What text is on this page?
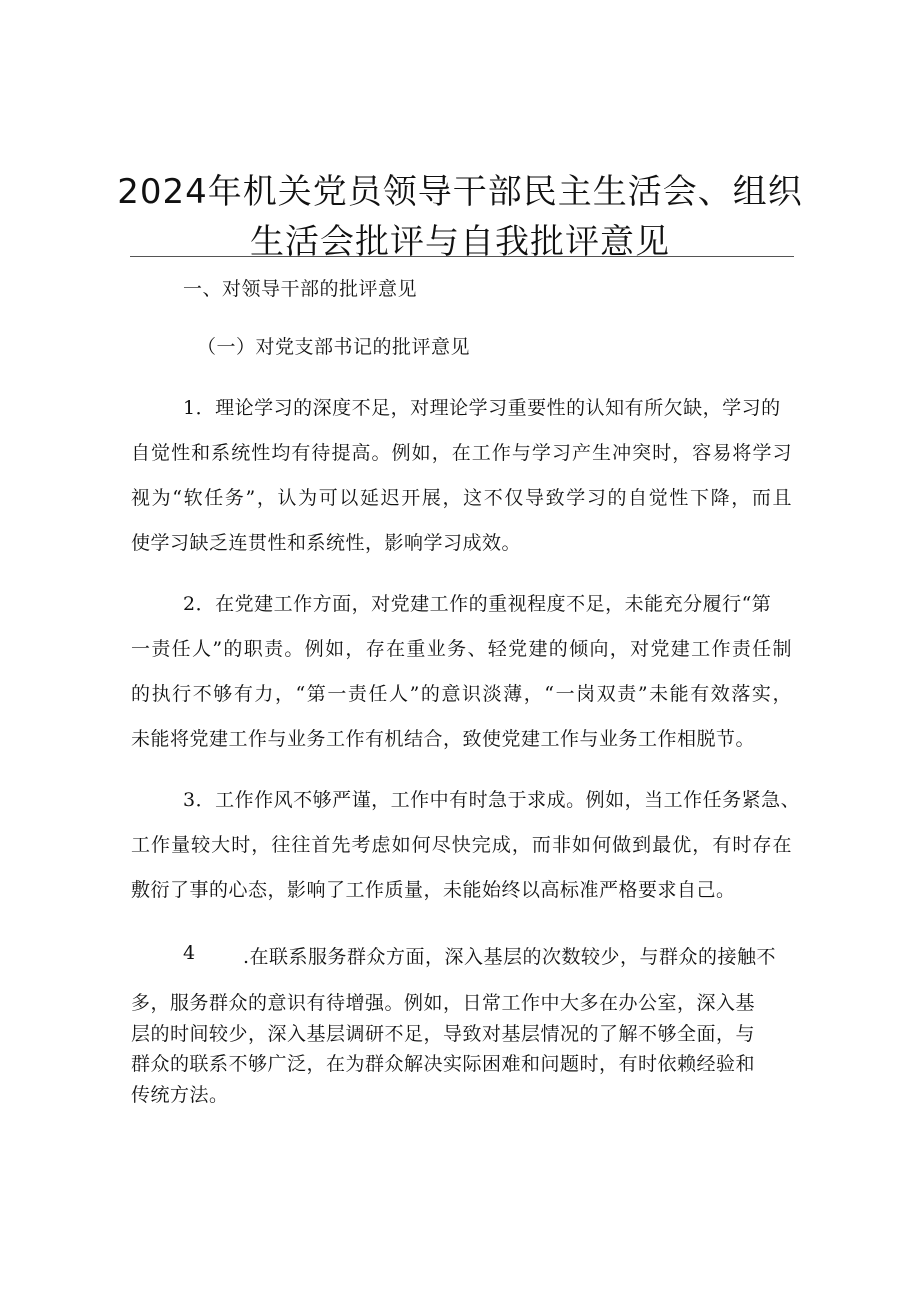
2024年机关党员领导干部民主生活会、组织
生活会批评与自我批评意见
一、对领导干部的批评意见
（一）对党支部书记的批评意见
1．理论学习的深度不足，对理论学习重要性的认知有所欠缺，学习的
自觉性和系统性均有待提高。例如，在工作与学习产生冲突时，容易将学习
视为“软任务”，认为可以延迟开展，这不仅导致学习的自觉性下降，而且
使学习缺乏连贯性和系统性，影响学习成效。
2．在党建工作方面，对党建工作的重视程度不足，未能充分履行“第
一责任人”的职责。例如，存在重业务、轻党建的倾向，对党建工作责任制
的执行不够有力，“第一责任人”的意识淡薄，“一岗双责”未能有效落实，
未能将党建工作与业务工作有机结合，致使党建工作与业务工作相脱节。
3．工作作风不够严谨，工作中有时急于求成。例如，当工作任务紧急、
工作量较大时，往往首先考虑如何尽快完成，而非如何做到最优，有时存在
敷衍了事的心态，影响了工作质量，未能始终以高标准严格要求自己。
4 .在联系服务群众方面，深入基层的次数较少，与群众的接触不
多，服务群众的意识有待增强。例如，日常工作中大多在办公室，深入基
层的时间较少，深入基层调研不足，导致对基层情况的了解不够全面，与
群众的联系不够广泛，在为群众解决实际困难和问题时，有时依赖经验和
传统方法。
